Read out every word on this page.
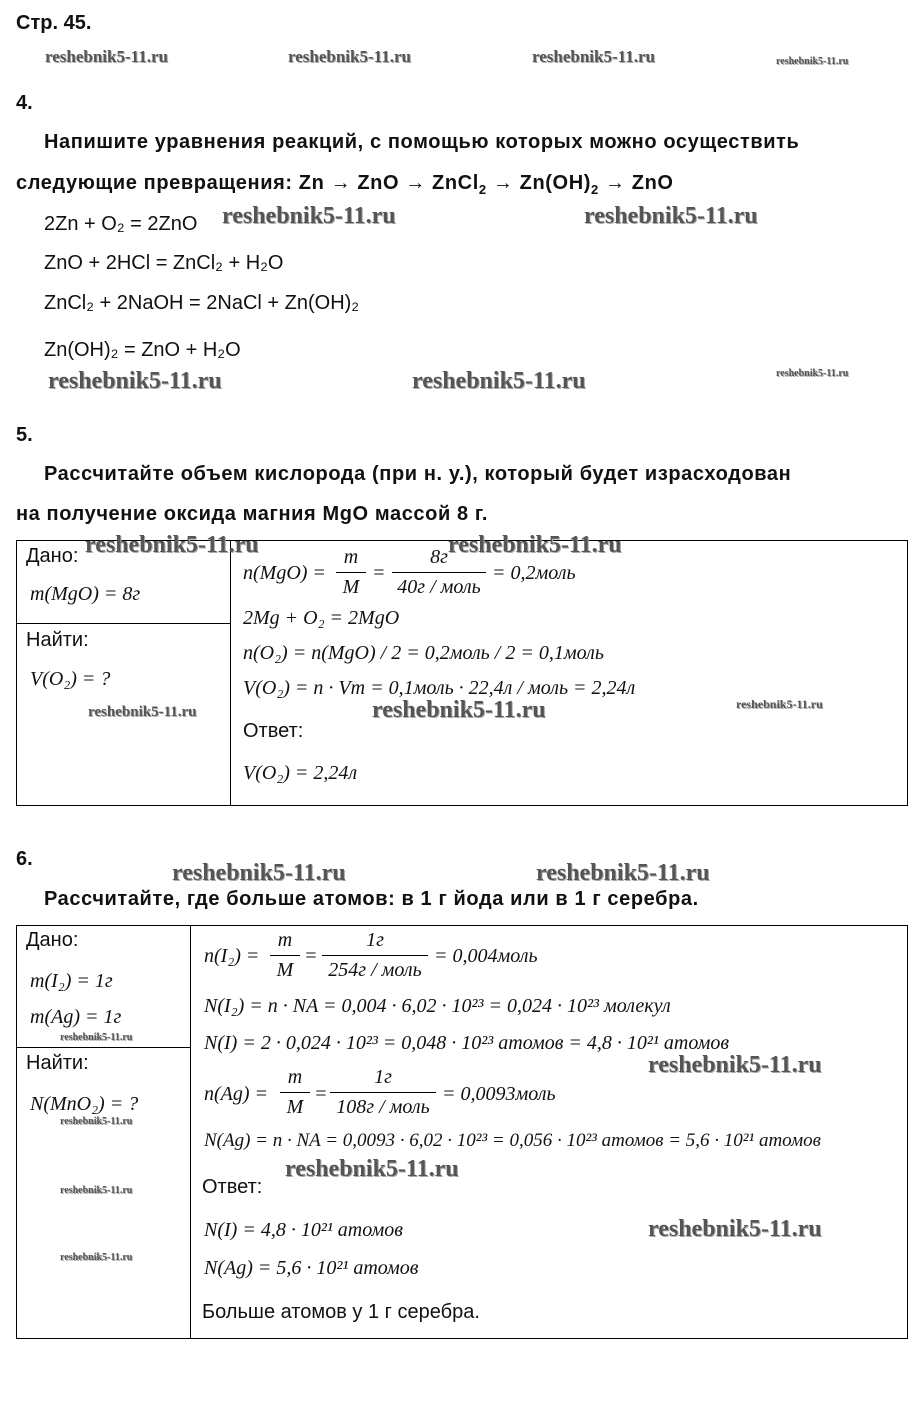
Стр. 45.
reshebnik5-11.ru	reshebnik5-11.ru	reshebnik5-11.ru	reshebnik5-11.ru
4.
Напишите уравнения реакций, с помощью которых можно осуществить
следующие превращения: Zn → ZnO → ZnCl$_2$ → $Zn(OH)_2$ → ZnO
2Zn + O₂ = 2ZnO reshebnik5-11.ru	reshebnik5-11.ru
ZnO + 2HCl = ZnCl₂ + H₂O
ZnCl₂ + 2NaOH = 2NaCl + Zn(OH)₂
Zn(OH)₂ = ZnO + H₂O
reshebnik5-11.ru	reshebnik5-11.ru	reshebnik5-11.ru
5.
Рассчитайте объем кислорода (при н. у.), который будет израсходован
на получение оксида магния MgO массой 8 г.
Дано:
m(MgO) = 8г
Найти:
V(O₂) = ?
n(MgO) =
m
M
=
8г
40г / моль
= 0,2моль
reshebnik5-11.ru	reshebnik5-11.ru
2Mg + O₂ = 2MgO
n(O₂) = n(MgO) / 2 = 0,2моль / 2 = 0,1моль
V(O₂) = n · Vm = 0,1моль · 22,4л / моль = 2,24л
reshebnik5-11.ru	reshebnik5-11.ru	reshebnik5-11.ru
Ответ:
V(O₂) = 2,24л
6.
reshebnik5-11.ru	reshebnik5-11.ru
Рассчитайте, где больше атомов: в 1 г йода или в 1 г серебра.
Дано:
m(I₂) = 1г
m(Ag) = 1г
reshebnik5-11.ru
Найти:
N(MnO₂) = ?
reshebnik5-11.ru
reshebnik5-11.ru
reshebnik5-11.ru
n(I₂) =
m
M
=
1г
254г / моль
= 0,004моль
N(I₂) = n · NA = 0,004 · 6,02 · 10²³ = 0,024 · 10²³ молекул
N(I) = 2 · 0,024 · 10²³ = 0,048 · 10²³ атомов = 4,8 · 10²¹ атомов
reshebnik5-11.ru
n(Ag) =
m
M
=
1г
108г / моль
= 0,0093моль
N(Ag) = n · NA = 0,0093 · 6,02 · 10²³ = 0,056 · 10²³ атомов = 5,6 · 10²¹ атомов
reshebnik5-11.ru
Ответ:
N(I) = 4,8 · 10²¹ атомов	reshebnik5-11.ru
N(Ag) = 5,6 · 10²¹ атомов
Больше атомов у 1 г серебра.
